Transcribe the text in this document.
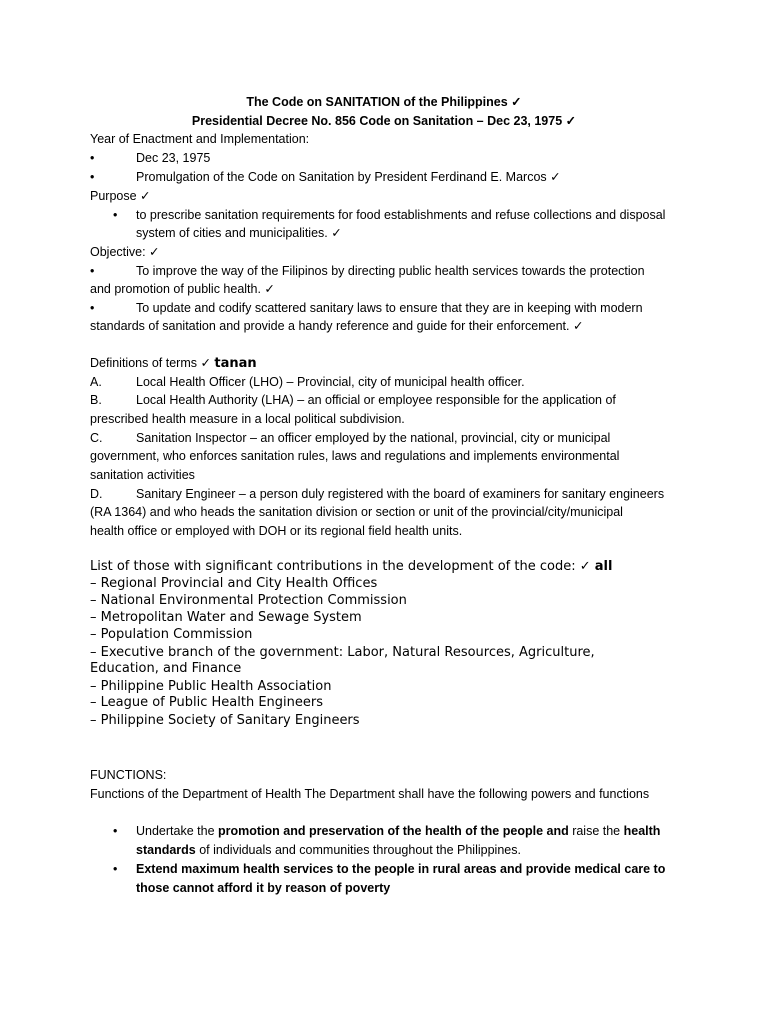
The Code on SANITATION of the Philippines ✓
Presidential Decree No. 856 Code on Sanitation – Dec 23, 1975 ✓
Year of Enactment and Implementation:
•	Dec 23, 1975
•	Promulgation of the Code on Sanitation by President Ferdinand E. Marcos ✓
Purpose ✓
• to prescribe sanitation requirements for food establishments and refuse collections and disposal
system of cities and municipalities. ✓
Objective: ✓
•	To improve the way of the Filipinos by directing public health services towards the protection
and promotion of public health. ✓
•	To update and codify scattered sanitary laws to ensure that they are in keeping with modern
standards of sanitation and provide a handy reference and guide for their enforcement. ✓
Definitions of terms ✓ tanan
A.	Local Health Officer (LHO) – Provincial, city of municipal health officer.
B.	Local Health Authority (LHA) – an official or employee responsible for the application of
prescribed health measure in a local political subdivision.
C.	Sanitation Inspector – an officer employed by the national, provincial, city or municipal
government, who enforces sanitation rules, laws and regulations and implements environmental
sanitation activities
D.	Sanitary Engineer – a person duly registered with the board of examiners for sanitary engineers
(RA 1364) and who heads the sanitation division or section or unit of the provincial/city/municipal
health office or employed with DOH or its regional field health units.
List of those with significant contributions in the development of the code: ✓ all
– Regional Provincial and City Health Offices
– National Environmental Protection Commission
– Metropolitan Water and Sewage System
– Population Commission
– Executive branch of the government: Labor, Natural Resources, Agriculture,
Education, and Finance
– Philippine Public Health Association
– League of Public Health Engineers
– Philippine Society of Sanitary Engineers
FUNCTIONS:
Functions of the Department of Health The Department shall have the following powers and functions
• Undertake the promotion and preservation of the health of the people and raise the health
standards of individuals and communities throughout the Philippines.
• Extend maximum health services to the people in rural areas and provide medical care to
those cannot afford it by reason of poverty
